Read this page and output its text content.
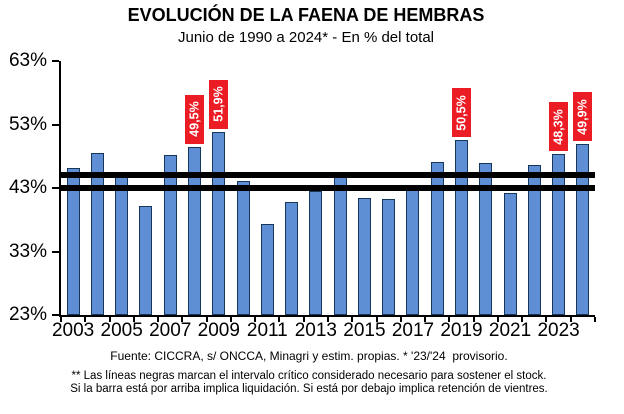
EVOLUCIÓN DE LA FAENA DE HEMBRAS
Junio de 1990 a 2024* - En % del total
63%
53%
43%
33%
23%
2003 2005 2007 2009 2011 2013 2015 2017 2019 2021 2023
49,5% 51,9%	50,5%	48,3% 49,9%
Fuente: CICCRA, s/ ONCCA, Minagri y estim. propias. * '23/'24  provisorio.
** Las líneas negras marcan el intervalo crítico considerado necesario para sostener el stock.
Si la barra está por arriba implica liquidación. Si está por debajo implica retención de vientres.
